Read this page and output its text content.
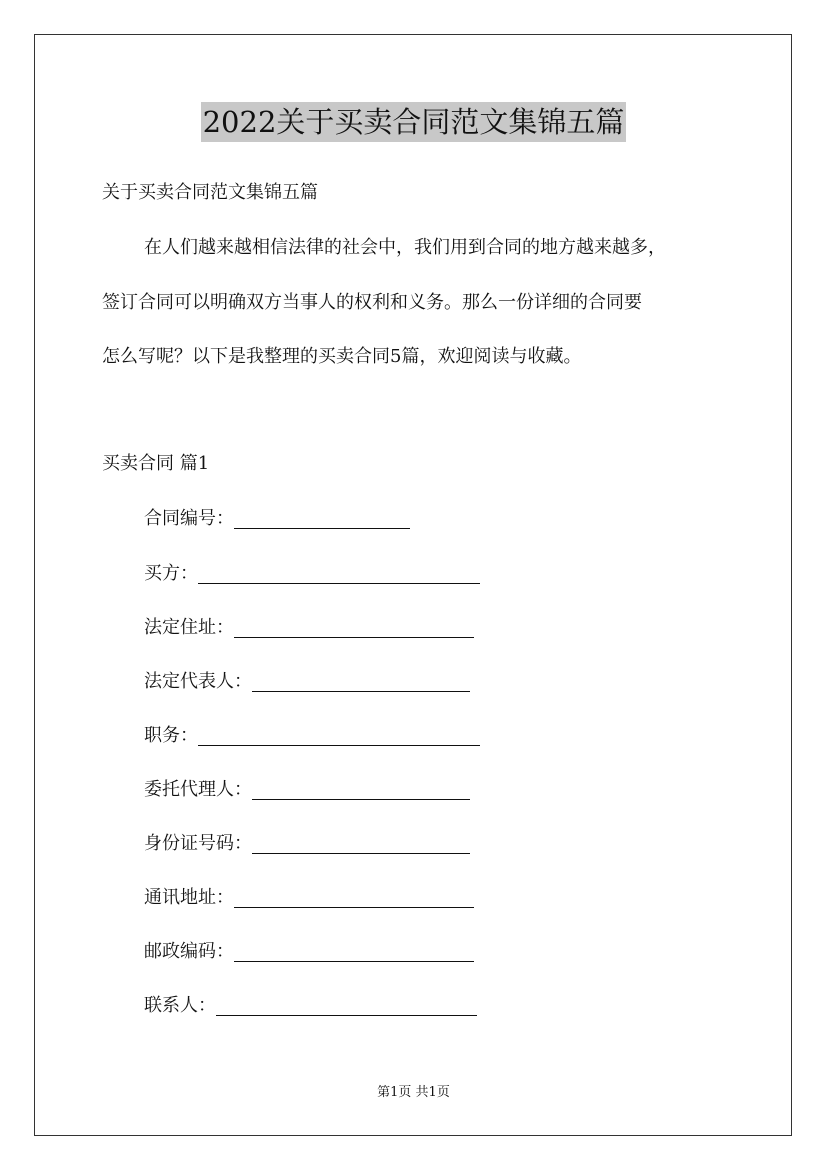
2022关于买卖合同范文集锦五篇
关于买卖合同范文集锦五篇
在人们越来越相信法律的社会中，我们用到合同的地方越来越多，
签订合同可以明确双方当事人的权利和义务。那么一份详细的合同要
怎么写呢？以下是我整理的买卖合同5篇，欢迎阅读与收藏。
买卖合同 篇1
合同编号：
买方：
法定住址：
法定代表人：
职务：
委托代理人：
身份证号码：
通讯地址：
邮政编码：
联系人：
第1页 共1页
